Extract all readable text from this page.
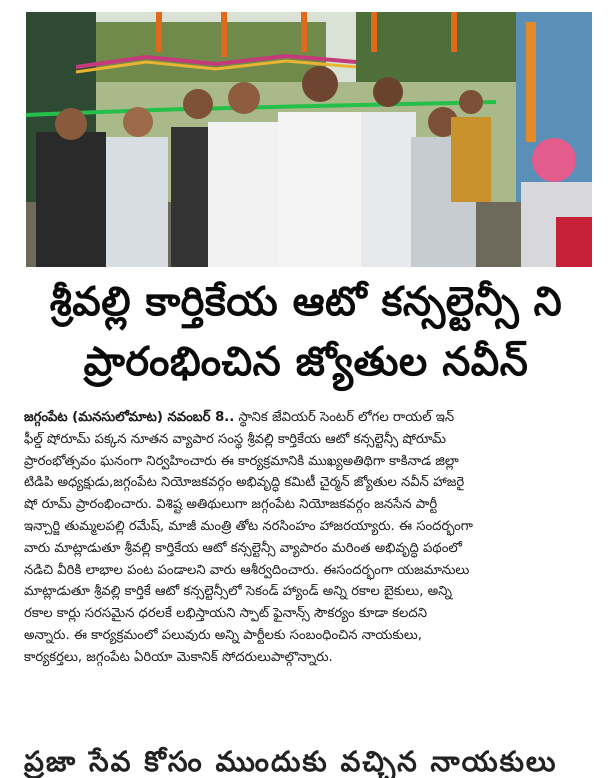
శ్రీవల్లి కార్తికేయ ఆటో కన్సల్టెన్సీ ని
ప్రారంభించిన జ్యోతుల నవీన్
జగ్గంపేట (మనసులోమాట) నవంబర్ 8.. స్థానిక జేవియర్ సెంటర్ లోగల రాయల్ ఇన్
ఫీల్డ్ షోరూమ్ పక్కన నూతన వ్యాపార సంస్థ శ్రీవల్లి కార్తికేయ ఆటో కన్సల్టెన్సీ షోరూమ్
ప్రారంభోత్సవం ఘనంగా నిర్వహించారు ఈ కార్యక్రమానికి ముఖ్యఅతిథిగా కాకినాడ జిల్లా
టిడిపి అధ్యక్షుడు,జగ్గంపేట నియోజకవర్గం అభివృద్ధి కమిటీ చైర్మన్ జ్యోతుల నవీన్ హాజరై
షో రూమ్ ప్రారంభించారు. విశిష్ట అతిథులుగా జగ్గంపేట నియోజకవర్గం జనసేన పార్టీ
ఇన్చార్జి తుమ్మలపల్లి రమేష్, మాజీ మంత్రి తోట నరసింహం హాజరయ్యారు. ఈ సందర్భంగా
వారు మాట్లాడుతూ శ్రీవల్లి కార్తికేయ ఆటో కన్సల్టెన్సీ వ్యాపారం మరింత అభివృద్ధి పథంలో
నడిచి వీరికి లాభాల పంట పండాలని వారు ఆశీర్వదించారు. ఈసందర్భంగా యజమానులు
మాట్లాడుతూ శ్రీవల్లి కార్తికే ఆటో కన్సల్టెన్సీలో సెకండ్ హ్యాండ్ అన్ని రకాల బైకులు, అన్ని
రకాల కార్లు సరసమైన ధరలకే లభిస్తాయని స్పాట్ ఫైనాన్స్ సౌకర్యం కూడా కలదని
అన్నారు. ఈ కార్యక్రమంలో పలువురు అన్ని పార్టీలకు సంబంధించిన నాయకులు,
కార్యకర్తలు, జగ్గంపేట ఏరియా మెకానిక్ సోదరులుపాల్గొన్నారు.
ప్రజా సేవ కోసం ముందుకు వచ్చిన నాయకులు
